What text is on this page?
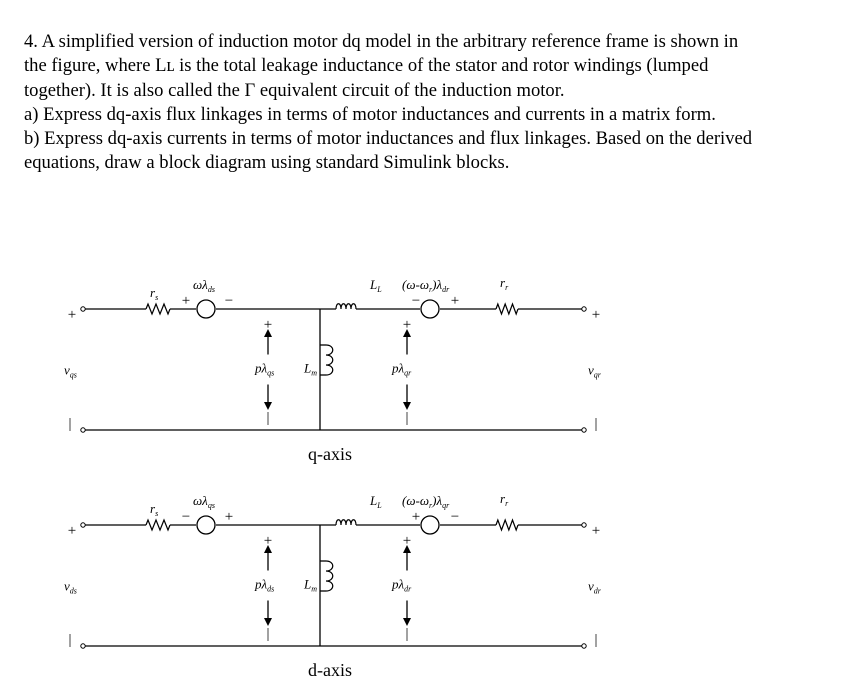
4. A simplified version of induction motor dq model in the arbitrary reference frame is shown in
the figure, where Lʟ is the total leakage inductance of the stator and rotor windings (lumped
together). It is also called the Γ equivalent circuit of the induction motor.
a) Express dq-axis flux linkages in terms of motor inductances and currents in a matrix form.
b) Express dq-axis currents in terms of motor inductances and flux linkages. Based on the derived
equations, draw a block diagram using standard Simulink blocks.
+
|
+
|
+
|
+
|
$r_s$
$\omega\lambda_{ds}$
+ −
$p\lambda_{qs}$ $L_m$
$L_L$ $(\omega-\omega_r)\lambda_{dr}$
− +
$p\lambda_{qr}$
$r_r$
$v_{qs}$	$v_{qr}$
q-axis
+
|
+
|
+
|
+
|
$r_s$
$\omega\lambda_{qs}$
− +
$p\lambda_{ds}$ $L_m$
$L_L$ $(\omega-\omega_r)\lambda_{qr}$
+ −
$p\lambda_{dr}$
$r_r$
$v_{ds}$	$v_{dr}$
d-axis
